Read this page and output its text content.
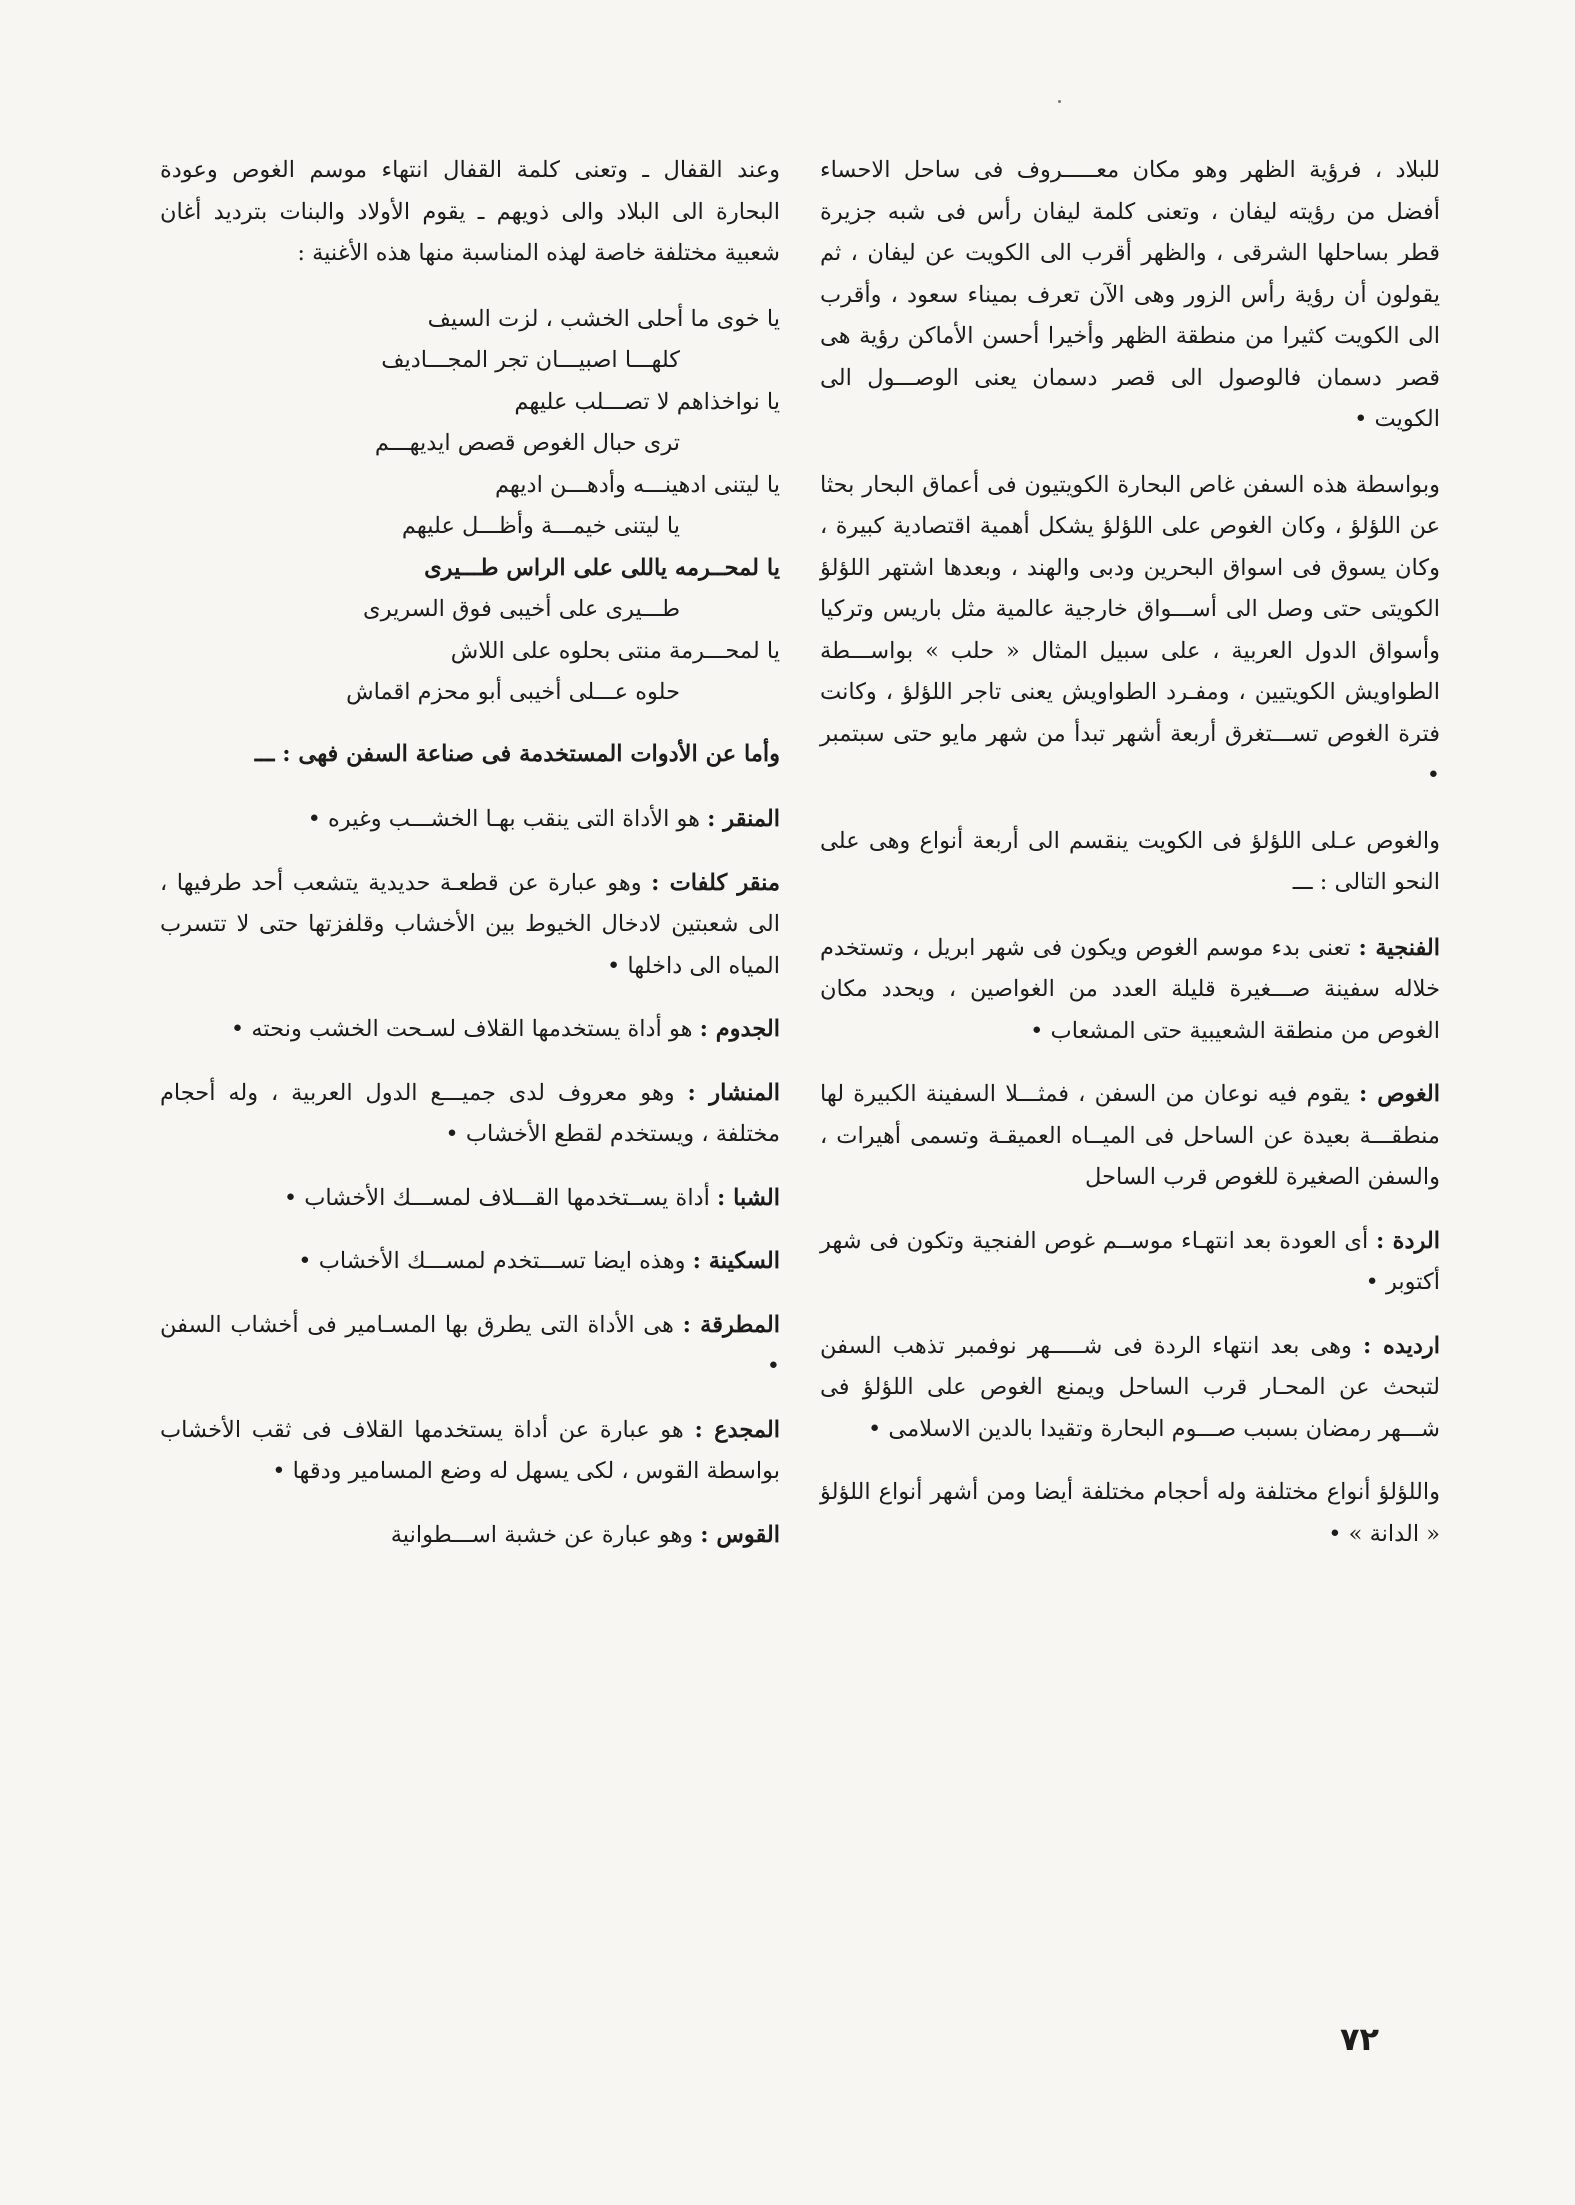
للبلاد ، فرؤية الظهر وهو مكان معـــــروف فى ساحل الاحساء أفضل من رؤيته ليفان ، وتعنى كلمة ليفان رأس فى شبه جزيرة قطر بساحلها الشرقى ، والظهر أقرب الى الكويت عن ليفان ، ثم يقولون أن رؤية رأس الزور وهى الآن تعرف بميناء سعود ، وأقرب الى الكويت كثيرا من منطقة الظهر وأخيرا أحسن الأماكن رؤية هى قصر دسمان فالوصول الى قصر دسمان يعنى الوصـــول الى الكويت •

وبواسطة هذه السفن غاص البحارة الكويتيون فى أعماق البحار بحثا عن اللؤلؤ ، وكان الغوص على اللؤلؤ يشكل أهمية اقتصادية كبيرة ، وكان يسوق فى اسواق البحرين ودبى والهند ، وبعدها اشتهر اللؤلؤ الكويتى حتى وصل الى أســـواق خارجية عالمية مثل باريس وتركيا وأسواق الدول العربية ، على سبيل المثال « حلب » بواســـطة الطواويش الكويتيين ، ومفـرد الطواويش يعنى تاجر اللؤلؤ ، وكانت فترة الغوص تســـتغرق أربعة أشهر تبدأ من شهر مايو حتى سبتمبر •

والغوص عـلى اللؤلؤ فى الكويت ينقسم الى أربعة أنواع وهى على النحو التالى : ـــ

الفنجية : تعنى بدء موسم الغوص ويكون فى شهر ابريل ، وتستخدم خلاله سفينة صـــغيرة قليلة العدد من الغواصين ، ويحدد مكان الغوص من منطقة الشعيبية حتى المشعاب •

الغوص : يقوم فيه نوعان من السفن ، فمثـــلا السفينة الكبيرة لها منطقـــة بعيدة عن الساحل فى الميــاه العميقـة وتسمى أهيرات ، والسفن الصغيرة للغوص قرب الساحل

الردة : أى العودة بعد انتهـاء موســم غوص الفنجية وتكون فى شهر أكتوبر •

ارديده : وهى بعد انتهاء الردة فى شـــــهر نوفمبر تذهب السفن لتبحث عن المحـار قرب الساحل ويمنع الغوص على اللؤلؤ فى شـــهر رمضان بسبب صـــوم البحارة وتقيدا بالدين الاسلامى •

واللؤلؤ أنواع مختلفة وله أحجام مختلفة أيضا ومن أشهر أنواع اللؤلؤ « الدانة » •

وعند القفال ـ وتعنى كلمة القفال انتهاء موسم الغوص وعودة البحارة الى البلاد والى ذويهم ـ يقوم الأولاد والبنات بترديد أغان شعبية مختلفة خاصة لهذه المناسبة منها هذه الأغنية :

يا خوى ما أحلى الخشب ، لزت السيف
كلهـــا اصبيـــان تجر المجـــاديف
يا نواخذاهم لا تصـــلب عليهم
ترى حبال الغوص قصص ايديهـــم
يا ليتنى ادهينـــه وأدهـــن اديهم
يا ليتنى خيمـــة وأظـــل عليهم
يا لمحــرمه ياللى على الراس طـــيرى
طـــيرى على أخيبى فوق السريرى
يا لمحـــرمة منتى بحلوه على اللاش
حلوه عـــلى أخيبى أبو محزم اقماش

وأما عن الأدوات المستخدمة فى صناعة السفن فهى : ـــ

المنقر : هو الأداة التى ينقب بهـا الخشـــب وغيره •

منقر كلفات : وهو عبارة عن قطعـة حديدية يتشعب أحد طرفيها ، الى شعبتين لادخال الخيوط بين الأخشاب وقلفزتها حتى لا تتسرب المياه الى داخلها •

الجدوم : هو أداة يستخدمها القلاف لسـحت الخشب ونحته •

المنشار : وهو معروف لدى جميـــع الدول العربية ، وله أحجام مختلفة ، ويستخدم لقطع الأخشاب •

الشبا : أداة يســتخدمها القـــلاف لمســـك الأخشاب •

السكينة : وهذه ايضا تســـتخدم لمســـك الأخشاب •

المطرقة : هى الأداة التى يطرق بها المسـامير فى أخشاب السفن •

المجدع : هو عبارة عن أداة يستخدمها القلاف فى ثقب الأخشاب بواسطة القوس ، لكى يسهل له وضع المسامير ودقها •

القوس : وهو عبارة عن خشبة اســـطوانية

٧٢
